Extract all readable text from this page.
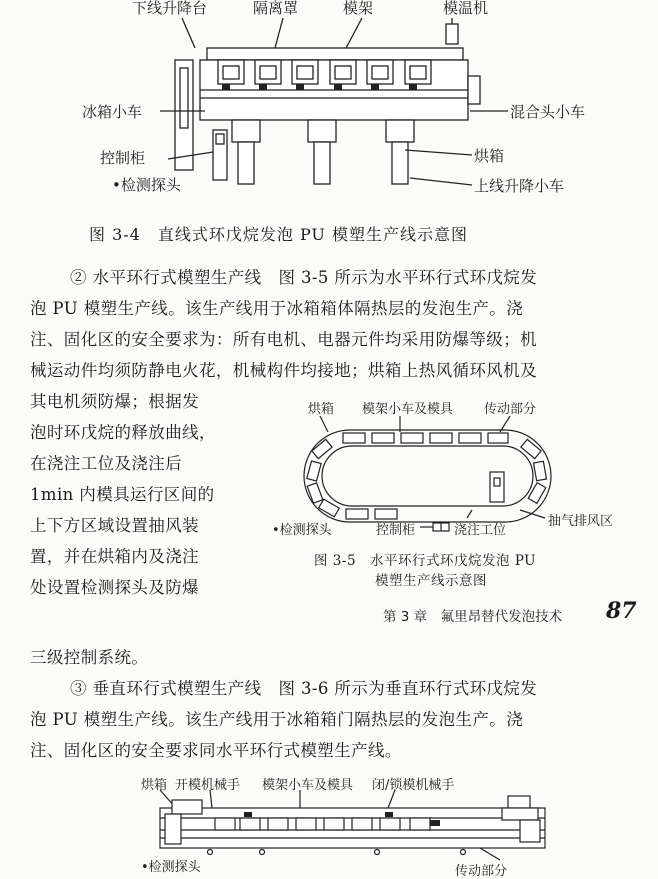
下线升降台	隔离罩	模架	模温机
冰箱小车	混合头小车
控制柜	烘箱
•检测探头	上线升降小车
图 3-4　直线式环戊烷发泡 PU 模塑生产线示意图
② 水平环行式模塑生产线　图 3-5 所示为水平环行式环戊烷发
泡 PU 模塑生产线。该生产线用于冰箱箱体隔热层的发泡生产。浇
注、固化区的安全要求为：所有电机、电器元件均采用防爆等级；机
械运动件均须防静电火花，机械构件均接地；烘箱上热风循环风机及
其电机须防爆；根据发
泡时环戊烷的释放曲线，
在浇注工位及浇注后
1min 内模具运行区间的
上下方区域设置抽风装
置，并在烘箱内及浇注
处设置检测探头及防爆
烘箱 模架小车及模具 传动部分
抽气排风区
•检测探头	控制柜	浇注工位
图 3-5　水平环行式环戊烷发泡 PU
模塑生产线示意图
第 3 章　氟里昂替代发泡技术 87
三级控制系统。
③ 垂直环行式模塑生产线　图 3-6 所示为垂直环行式环戊烷发
泡 PU 模塑生产线。该生产线用于冰箱箱门隔热层的发泡生产。浇
注、固化区的安全要求同水平环行式模塑生产线。
烘箱 开模机械手 模架小车及模具 闭/锁模机械手
•检测探头	传动部分
